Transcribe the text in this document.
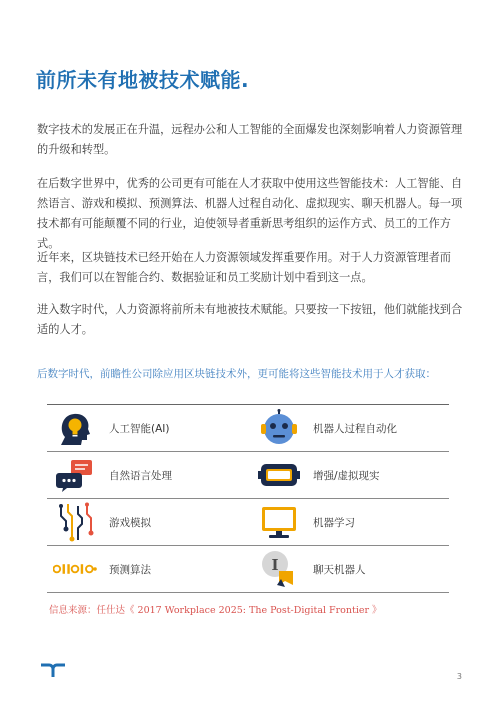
前所未有地被技术赋能.

数字技术的发展正在升温，远程办公和人工智能的全面爆发也深刻影响着人力资源管理的升级和转型。

在后数字世界中，优秀的公司更有可能在人才获取中使用这些智能技术：人工智能、自然语言、游戏和模拟、预测算法、机器人过程自动化、虚拟现实、聊天机器人。每一项技术都有可能颠覆不同的行业，迫使领导者重新思考组织的运作方式、员工的工作方式。

近年来，区块链技术已经开始在人力资源领域发挥重要作用。对于人力资源管理者而言，我们可以在智能合约、数据验证和员工奖励计划中看到这一点。

进入数字时代，人力资源将前所未有地被技术赋能。只要按一下按钮，他们就能找到合适的人才。

后数字时代，前瞻性公司除应用区块链技术外，更可能将这些智能技术用于人才获取：

人工智能(AI)	机器人过程自动化
自然语言处理	增强/虚拟现实
游戏模拟	机器学习
预测算法	I	聊天机器人

信息来源：任仕达《 2017 Workplace 2025: The Post-Digital Frontier 》

3
